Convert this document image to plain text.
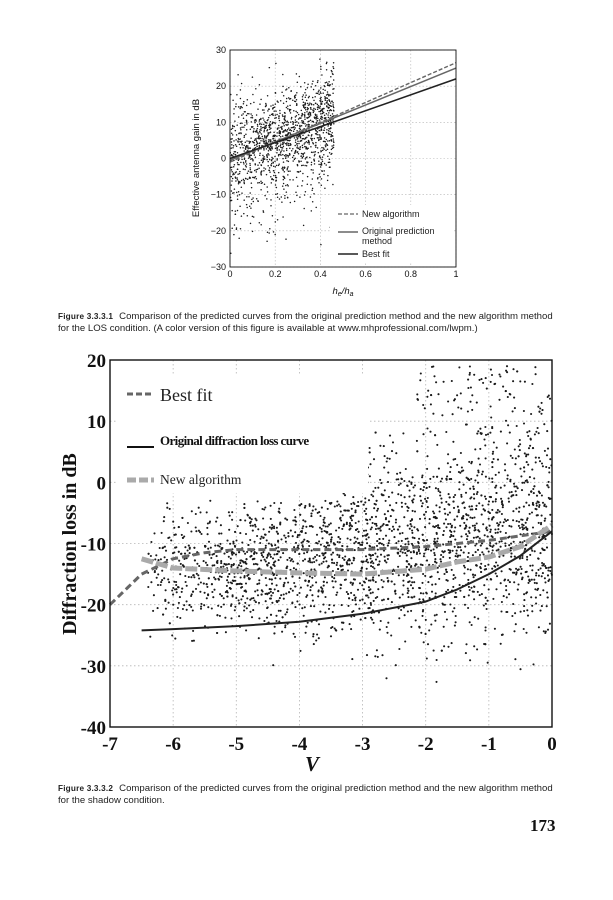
0	0.2	0.4	0.6	0.8	1
30
20
10
0
−10
−20
−30
Effective antenna gain in dB
$h_e/h_a$
New algorithm
Original prediction method
Best fit
Figure 3.3.3.1 Comparison of the predicted curves from the original prediction method and the new algorithm method for the LOS condition. (A color version of this figure is available at www.mhprofessional.com/lwpm.)
-7 -6 -5 -4 -3 -2 -1	0
20
10
0
-10
-20
-30
-40
Diffraction loss in dB
V
Best fit
Original diffraction loss curve
New algorithm
Figure 3.3.3.2 Comparison of the predicted curves from the original prediction method and the new algorithm method for the shadow condition.
173
